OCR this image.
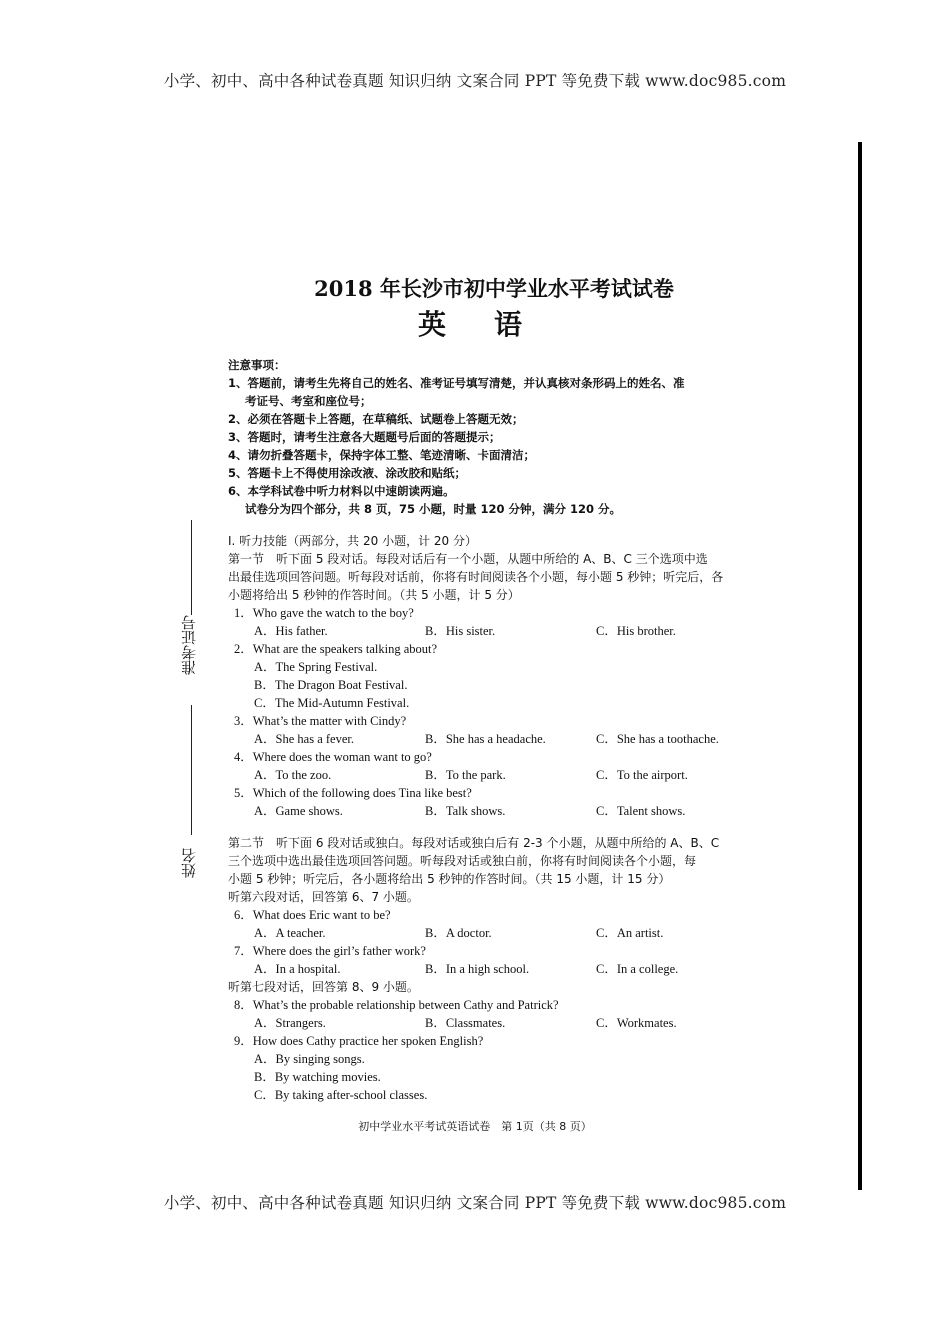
小学、初中、高中各种试卷真题 知识归纳 文案合同 PPT 等免费下载 www.doc985.com
2018 年长沙市初中学业水平考试试卷
英语
准考证号
姓名
注意事项：
1、答题前，请考生先将自己的姓名、准考证号填写清楚，并认真核对条形码上的姓名、准
考证号、考室和座位号；
2、必须在答题卡上答题，在草稿纸、试题卷上答题无效；
3、答题时，请考生注意各大题题号后面的答题提示；
4、请勿折叠答题卡，保持字体工整、笔迹清晰、卡面清洁；
5、答题卡上不得使用涂改液、涂改胶和贴纸；
6、本学科试卷中听力材料以中速朗读两遍。
试卷分为四个部分，共 8 页，75 小题，时量 120 分钟，满分 120 分。
I. 听力技能（两部分，共 20 小题，计 20 分）
第一节　听下面 5 段对话。每段对话后有一个小题，从题中所给的 A、B、C 三个选项中选
出最佳选项回答问题。听每段对话前，你将有时间阅读各个小题，每小题 5 秒钟；听完后，各
小题将给出 5 秒钟的作答时间。（共 5 小题，计 5 分）
1．Who gave the watch to the boy?
A．His father.	B．His sister.	C．His brother.
2．What are the speakers talking about?
A．The Spring Festival.
B．The Dragon Boat Festival.
C．The Mid-Autumn Festival.
3．What’s the matter with Cindy?
A．She has a fever.	B．She has a headache.	C．She has a toothache.
4．Where does the woman want to go?
A．To the zoo.	B．To the park.	C．To the airport.
5．Which of the following does Tina like best?
A．Game shows.	B．Talk shows.	C．Talent shows.
第二节　听下面 6 段对话或独白。每段对话或独白后有 2-3 个小题，从题中所给的 A、B、C
三个选项中选出最佳选项回答问题。听每段对话或独白前，你将有时间阅读各个小题，每
小题 5 秒钟；听完后，各小题将给出 5 秒钟的作答时间。（共 15 小题，计 15 分）
听第六段对话，回答第 6、7 小题。
6．What does Eric want to be?
A．A teacher.	B．A doctor.	C．An artist.
7．Where does the girl’s father work?
A．In a hospital.	B．In a high school.	C．In a college.
听第七段对话，回答第 8、9 小题。
8．What’s the probable relationship between Cathy and Patrick?
A．Strangers.	B．Classmates.	C．Workmates.
9．How does Cathy practice her spoken English?
A．By singing songs.
B．By watching movies.
C．By taking after-school classes.
初中学业水平考试英语试卷　第 1页（共 8 页）
小学、初中、高中各种试卷真题 知识归纳 文案合同 PPT 等免费下载 www.doc985.com
